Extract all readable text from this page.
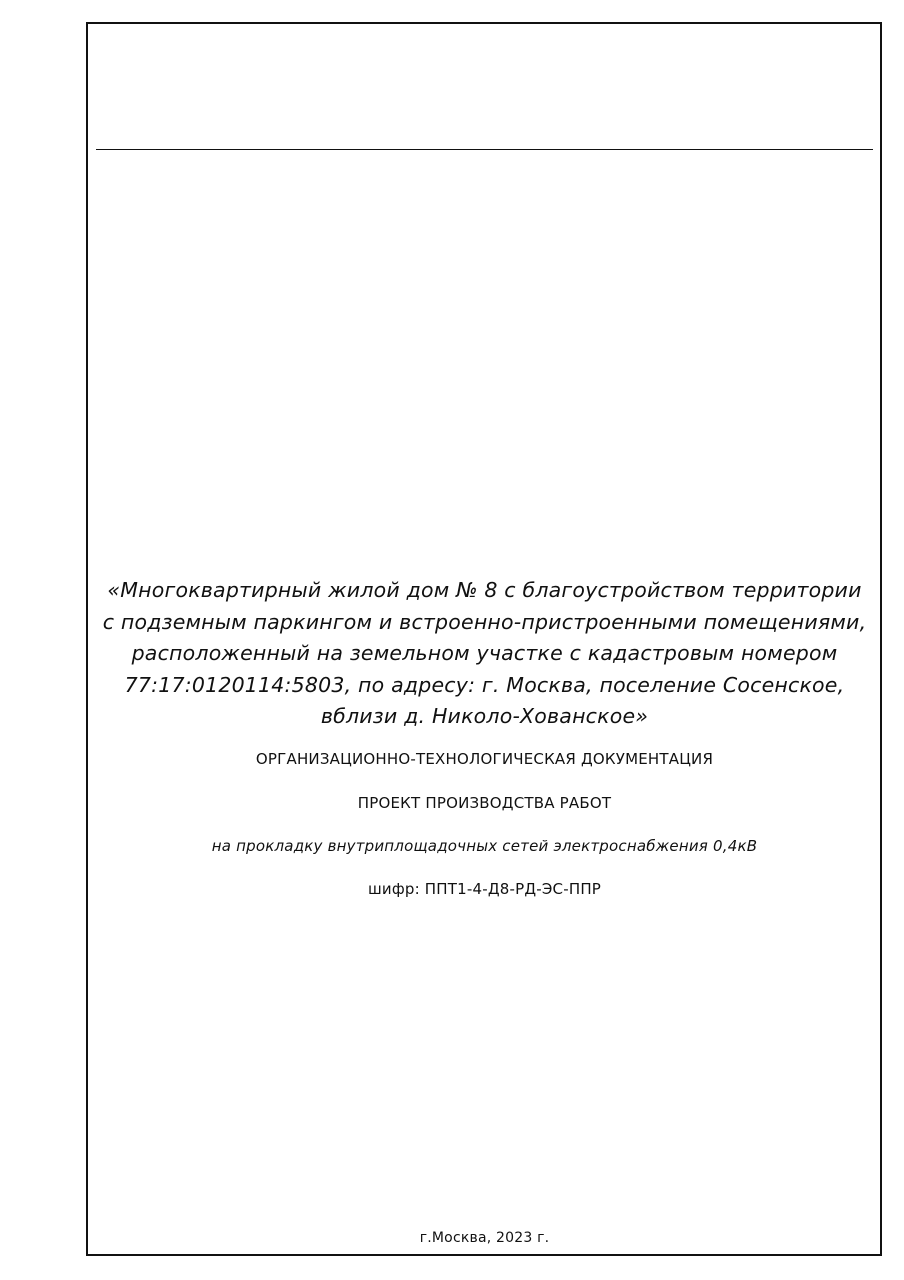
«Многоквартирный жилой дом № 8 с благоустройством территории с подземным паркингом и встроенно-пристроенными помещениями, расположенный на земельном участке с кадастровым номером 77:17:0120114:5803, по адресу: г. Москва, поселение Сосенское, вблизи д. Николо-Хованское»

ОРГАНИЗАЦИОННО-ТЕХНОЛОГИЧЕСКАЯ ДОКУМЕНТАЦИЯ
ПРОЕКТ ПРОИЗВОДСТВА РАБОТ
на прокладку внутриплощадочных сетей электроснабжения 0,4кВ
шифр: ППТ1-4-Д8-РД-ЭС-ППР
г.Москва, 2023 г.
